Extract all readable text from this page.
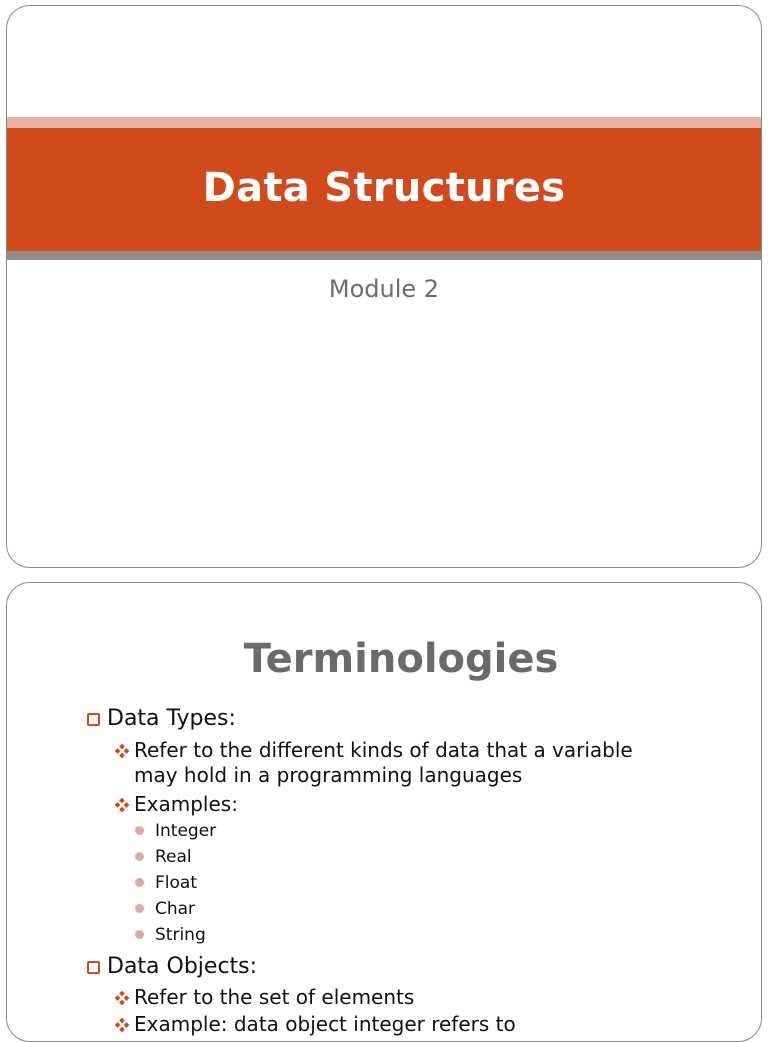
Data Structures
Module 2
Terminologies
Data Types:
Refer to the different kinds of data that a variable
may hold in a programming languages
Examples:
Integer
Real
Float
Char
String
Data Objects:
Refer to the set of elements
Example: data object integer refers to
